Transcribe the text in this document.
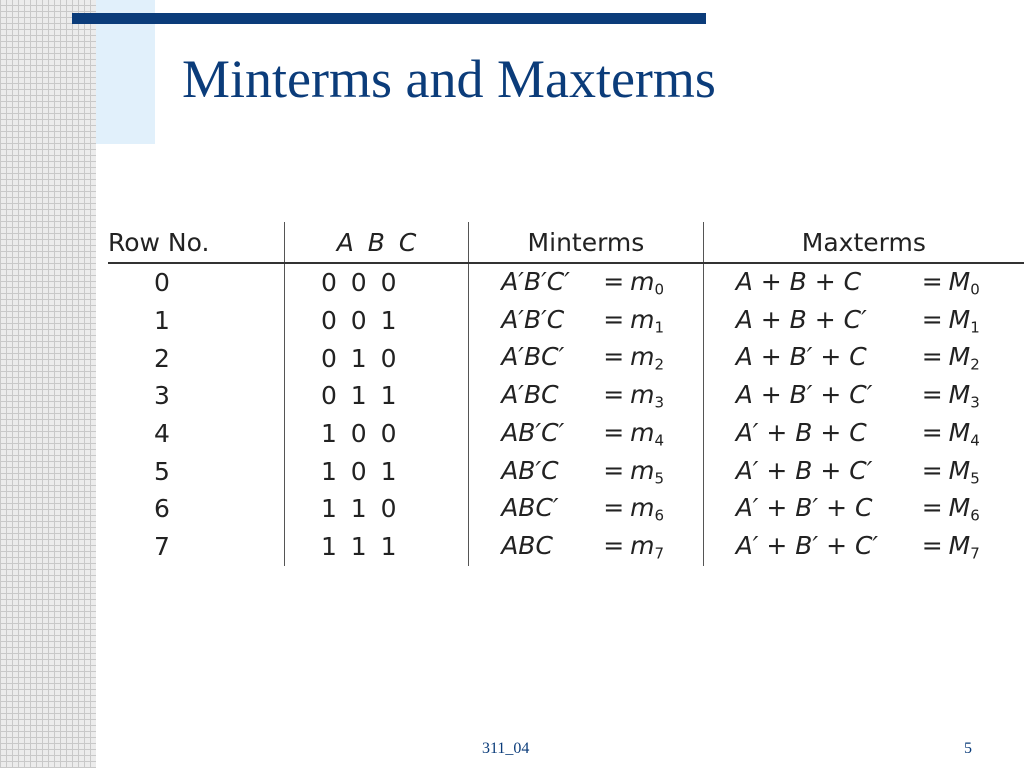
Minterms and Maxterms
Row No.	A B C	Minterms	Maxterms
0	0 0 0	$A'B'C' = m_0$	$A + B + C = M_0$
1	0 0 1	$A'B'C = m_1$	$A + B + C' = M_1$
2	0 1 0	$A'BC' = m_2$	$A + B' + C = M_2$
3	0 1 1	$A'BC = m_3$	$A + B' + C' = M_3$
4	1 0 0	$AB'C' = m_4$	$A' + B + C = M_4$
5	1 0 1	$AB'C = m_5$	$A' + B + C' = M_5$
6	1 1 0	$ABC' = m_6$	$A' + B' + C = M_6$
7	1 1 1	ABC = $m_7$	$A' + B' + C' = M_7$
311_04	5
